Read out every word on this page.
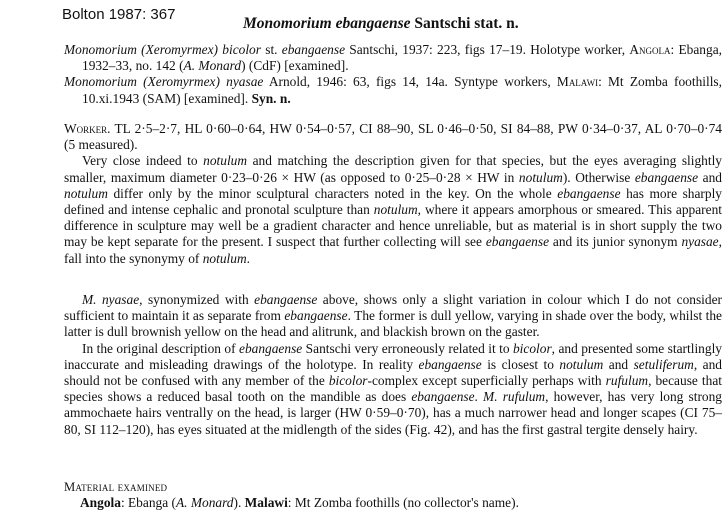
Bolton 1987: 367
Monomorium ebangaense Santschi stat. n.

Monomorium (Xeromyrmex) bicolor st. ebangaense Santschi, 1937: 223, figs 17–19. Holotype worker, Angola: Ebanga, 1932–33, no. 142 (A. Monard) (CdF) [examined].

Monomorium (Xeromyrmex) nyasae Arnold, 1946: 63, figs 14, 14a. Syntype workers, Malawi: Mt Zomba foothills, 10.xi.1943 (SAM) [examined]. Syn. n.

Worker. TL 2·5–2·7, HL 0·60–0·64, HW 0·54–0·57, CI 88–90, SL 0·46–0·50, SI 84–88, PW 0·34–0·37, AL 0·70–0·74 (5 measured).

Very close indeed to notulum and matching the description given for that species, but the eyes averaging slightly smaller, maximum diameter 0·23–0·26 × HW (as opposed to 0·25–0·28 × HW in notulum). Otherwise ebangaense and notulum differ only by the minor sculptural characters noted in the key. On the whole ebangaense has more sharply defined and intense cephalic and pronotal sculpture than notulum, where it appears amorphous or smeared. This apparent difference in sculpture may well be a gradient character and hence unreliable, but as material is in short supply the two may be kept separate for the present. I suspect that further collecting will see ebangaense and its junior synonym nyasae, fall into the synonymy of notulum.

M. nyasae, synonymized with ebangaense above, shows only a slight variation in colour which I do not consider sufficient to maintain it as separate from ebangaense. The former is dull yellow, varying in shade over the body, whilst the latter is dull brownish yellow on the head and alitrunk, and blackish brown on the gaster.

In the original description of ebangaense Santschi very erroneously related it to bicolor, and presented some startlingly inaccurate and misleading drawings of the holotype. In reality ebangaense is closest to notulum and setuliferum, and should not be confused with any member of the bicolor-complex except superficially perhaps with rufulum, because that species shows a reduced basal tooth on the mandible as does ebangaense. M. rufulum, however, has very long strong ammochaete hairs ventrally on the head, is larger (HW 0·59–0·70), has a much narrower head and longer scapes (CI 75–80, SI 112–120), has eyes situated at the midlength of the sides (Fig. 42), and has the first gastral tergite densely hairy.

Material examined
Angola: Ebanga (A. Monard). Malawi: Mt Zomba foothills (no collector's name).
